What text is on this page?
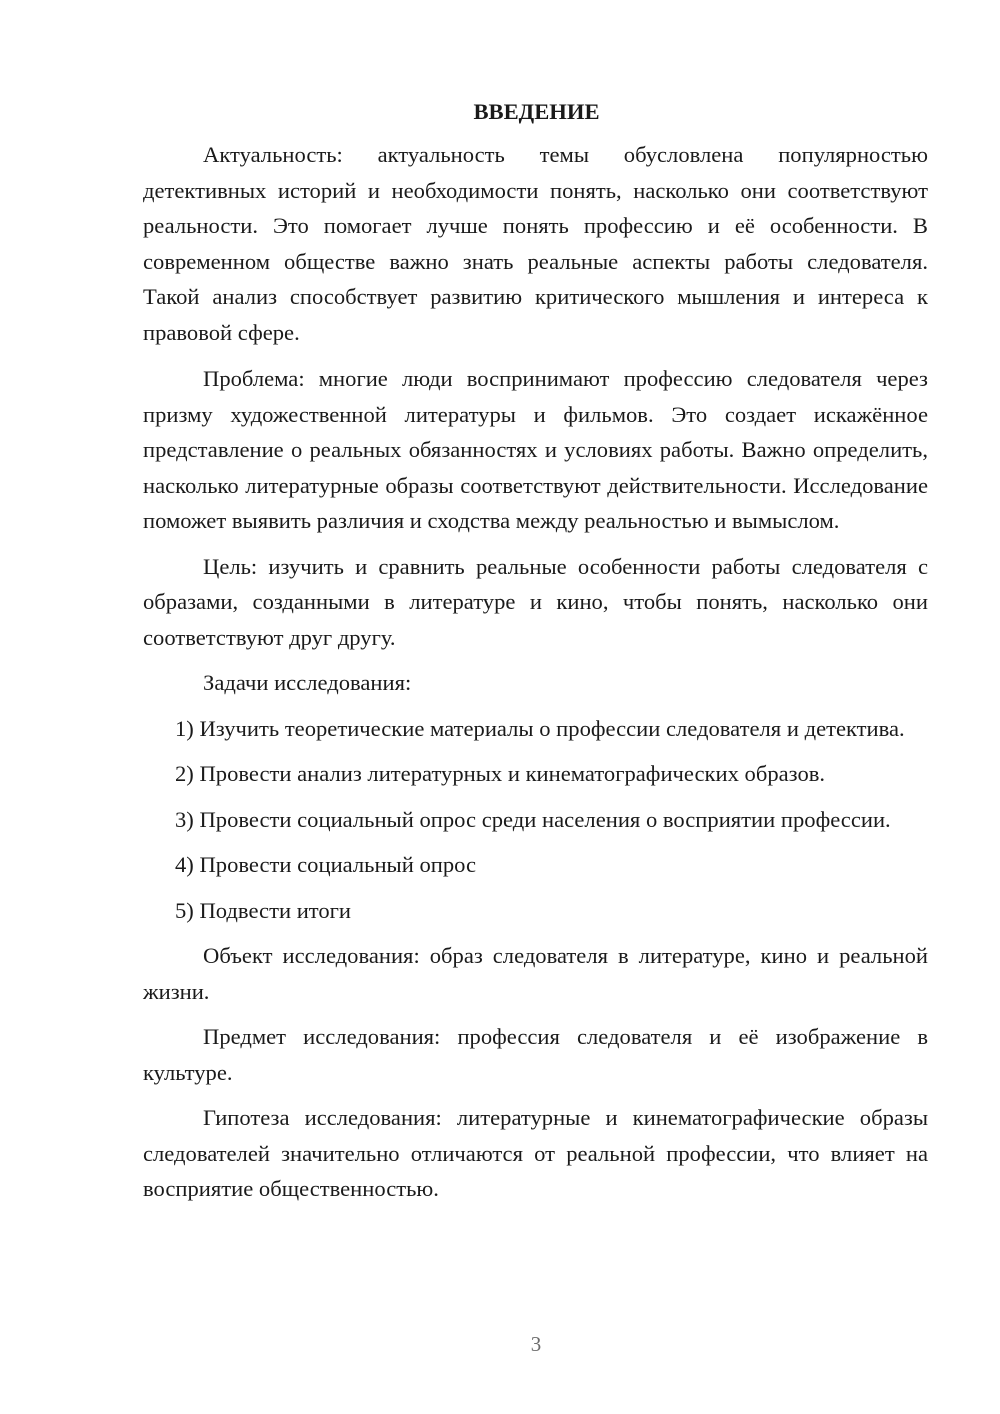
ВВЕДЕНИЕ

Актуальность: актуальность темы обусловлена популярностью детективных историй и необходимости понять, насколько они соответствуют реальности. Это помогает лучше понять профессию и её особенности. В современном обществе важно знать реальные аспекты работы следователя. Такой анализ способствует развитию критического мышления и интереса к правовой сфере.

Проблема: многие люди воспринимают профессию следователя через призму художественной литературы и фильмов. Это создает искажённое представление о реальных обязанностях и условиях работы. Важно определить, насколько литературные образы соответствуют действительности. Исследование поможет выявить различия и сходства между реальностью и вымыслом.

Цель: изучить и сравнить реальные особенности работы следователя с образами, созданными в литературе и кино, чтобы понять, насколько они соответствуют друг другу.

Задачи исследования:

1) Изучить теоретические материалы о профессии следователя и детектива.

2) Провести анализ литературных и кинематографических образов.

3) Провести социальный опрос среди населения о восприятии профессии.

4) Провести социальный опрос

5) Подвести итоги

Объект исследования: образ следователя в литературе, кино и реальной жизни.

Предмет исследования: профессия следователя и её изображение в культуре.

Гипотеза исследования: литературные и кинематографические образы следователей значительно отличаются от реальной профессии, что влияет на восприятие общественностью.

3
